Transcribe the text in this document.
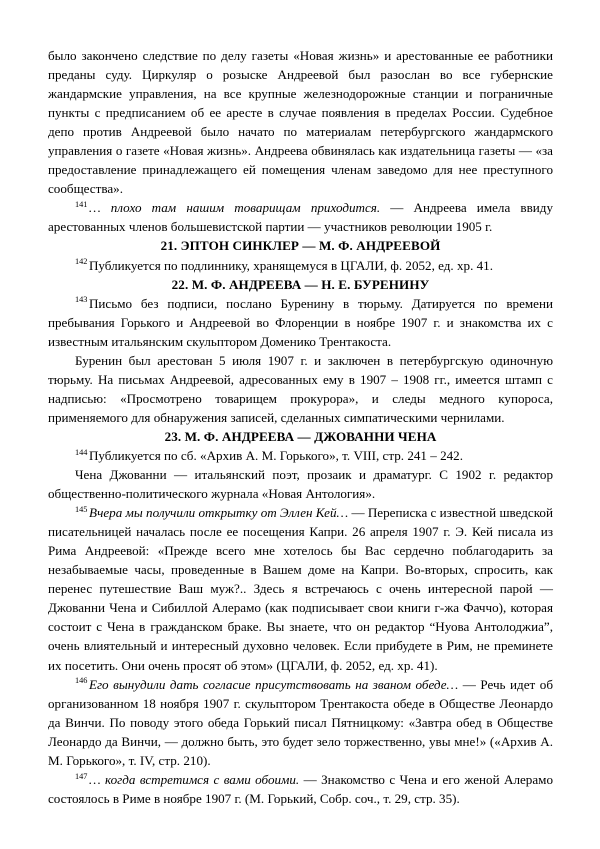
было закончено следствие по делу газеты «Новая жизнь» и арестованные ее работники преданы суду. Циркуляр о розыске Андреевой был разослан во все губернские жандармские управления, на все крупные железнодорожные станции и пограничные пункты с предписанием об ее аресте в случае появления в пределах России. Судебное депо против Андреевой было начато по материалам петербургского жандармского управления о газете «Новая жизнь». Андреева обвинялась как издательница газеты — «за предоставление принадлежащего ей помещения членам заведомо для нее преступного сообщества».

$^{141}$ … плохо там нашим товарищам приходится. — Андреева имела ввиду арестованных членов большевистской партии — участников революции 1905 г.

21. ЭПТОН СИНКЛЕР — М. Ф. АНДРЕЕВОЙ

$^{142}$ Публикуется по подлиннику, хранящемуся в ЦГАЛИ, ф. 2052, ед. хр. 41.

22. М. Ф. АНДРЕЕВА — Н. Е. БУРЕНИНУ

$^{143}$ Письмо без подписи, послано Буренину в тюрьму. Датируется по времени пребывания Горького и Андреевой во Флоренции в ноябре 1907 г. и знакомства их с известным итальянским скульптором Доменико Трентакоста.

Буренин был арестован 5 июля 1907 г. и заключен в петербургскую одиночную тюрьму. На письмах Андреевой, адресованных ему в 1907 – 1908 гг., имеется штамп с надписью: «Просмотрено товарищем прокурора», и следы медного купороса, применяемого для обнаружения записей, сделанных симпатическими чернилами.

23. М. Ф. АНДРЕЕВА — ДЖОВАННИ ЧЕНА

$^{144}$ Публикуется по сб. «Архив А. М. Горького», т. VIII, стр. 241 – 242.

Чена Джованни — итальянский поэт, прозаик и драматург. С 1902 г. редактор общественно-политического журнала «Новая Антология».

$^{145}$ Вчера мы получили открытку от Эллен Кей… — Переписка с известной шведской писательницей началась после ее посещения Капри. 26 апреля 1907 г. Э. Кей писала из Рима Андреевой: «Прежде всего мне хотелось бы Вас сердечно поблагодарить за незабываемые часы, проведенные в Вашем доме на Капри. Во-вторых, спросить, как перенес путешествие Ваш муж?.. Здесь я встречаюсь с очень интересной парой — Джованни Чена и Сибиллой Алерамо (как подписывает свои книги г-жа Фаччо), которая состоит с Чена в гражданском браке. Вы знаете, что он редактор “Нуова Антолоджиа”, очень влиятельный и интересный духовно человек. Если прибудете в Рим, не преминете их посетить. Они очень просят об этом» (ЦГАЛИ, ф. 2052, ед. хр. 41).

$^{146}$ Его вынудили дать согласие присутствовать на званом обеде… — Речь идет об организованном 18 ноября 1907 г. скульптором Трентакоста обеде в Обществе Леонардо да Винчи. По поводу этого обеда Горький писал Пятницкому: «Завтра обед в Обществе Леонардо да Винчи, — должно быть, это будет зело торжественно, увы мне!» («Архив А. М. Горького», т. IV, стр. 210).

$^{147}$ … когда встретимся с вами обоими. — Знакомство с Чена и его женой Алерамо состоялось в Риме в ноябре 1907 г. (М. Горький, Собр. соч., т. 29, стр. 35).
